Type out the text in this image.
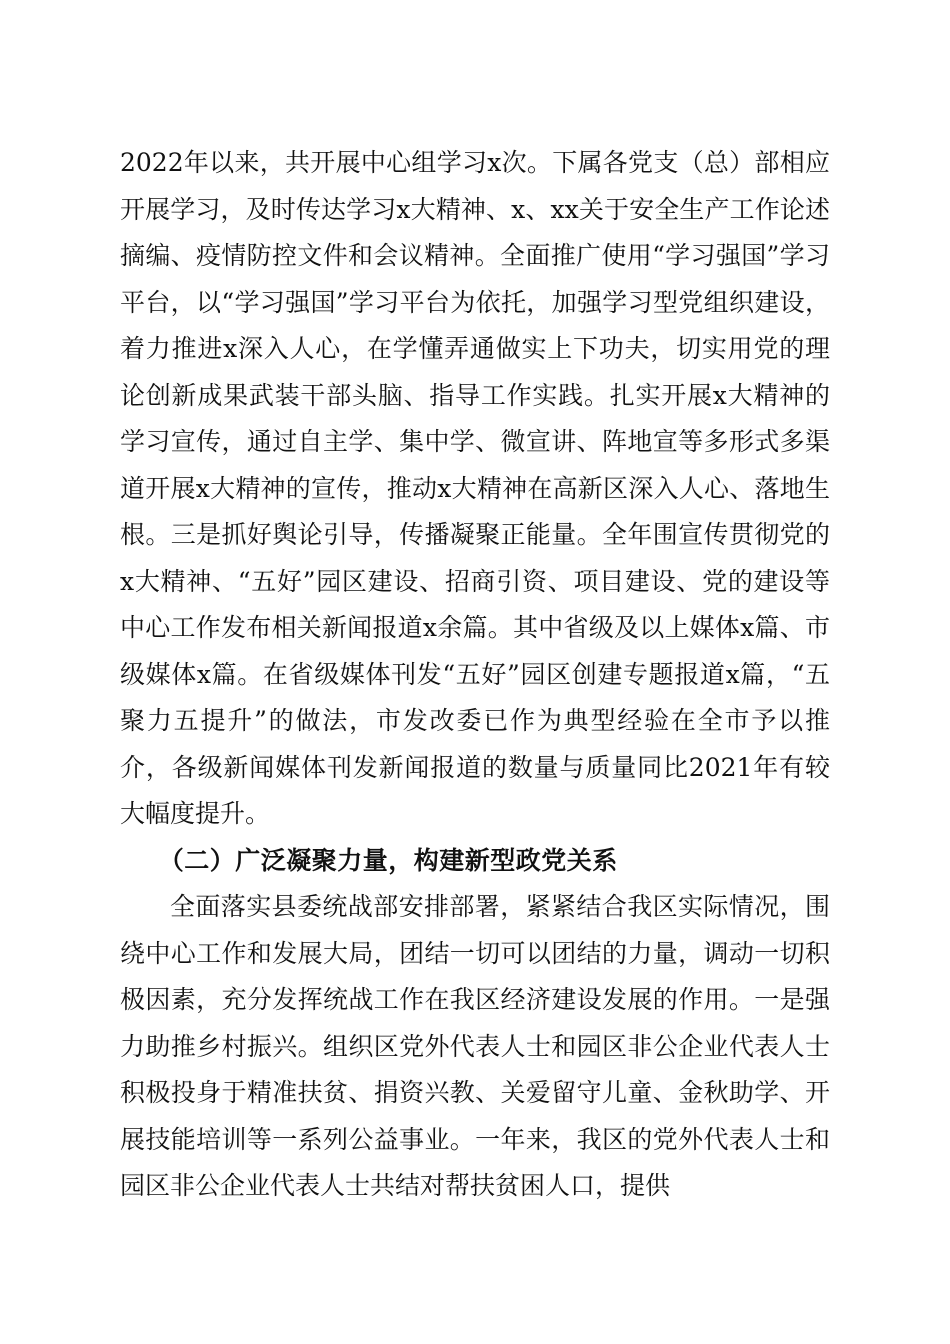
2022年以来，共开展中心组学习x次。下属各党支（总）部相应开展学习，及时传达学习x大精神、x、xx关于安全生产工作论述摘编、疫情防控文件和会议精神。全面推广使用“学习强国”学习平台，以“学习强国”学习平台为依托，加强学习型党组织建设，着力推进x深入人心，在学懂弄通做实上下功夫，切实用党的理论创新成果武装干部头脑、指导工作实践。扎实开展x大精神的学习宣传，通过自主学、集中学、微宣讲、阵地宣等多形式多渠道开展x大精神的宣传，推动x大精神在高新区深入人心、落地生根。三是抓好舆论引导，传播凝聚正能量。全年围宣传贯彻党的x大精神、“五好”园区建设、招商引资、项目建设、党的建设等中心工作发布相关新闻报道x余篇。其中省级及以上媒体x篇、市级媒体x篇。在省级媒体刊发“五好”园区创建专题报道x篇，“五聚力五提升”的做法，市发改委已作为典型经验在全市予以推介，各级新闻媒体刊发新闻报道的数量与质量同比2021年有较大幅度提升。

（二）广泛凝聚力量，构建新型政党关系

全面落实县委统战部安排部署，紧紧结合我区实际情况，围绕中心工作和发展大局，团结一切可以团结的力量，调动一切积极因素，充分发挥统战工作在我区经济建设发展的作用。一是强力助推乡村振兴。组织区党外代表人士和园区非公企业代表人士积极投身于精准扶贫、捐资兴教、关爱留守儿童、金秋助学、开展技能培训等一系列公益事业。一年来，我区的党外代表人士和园区非公企业代表人士共结对帮扶贫困人口，提供
